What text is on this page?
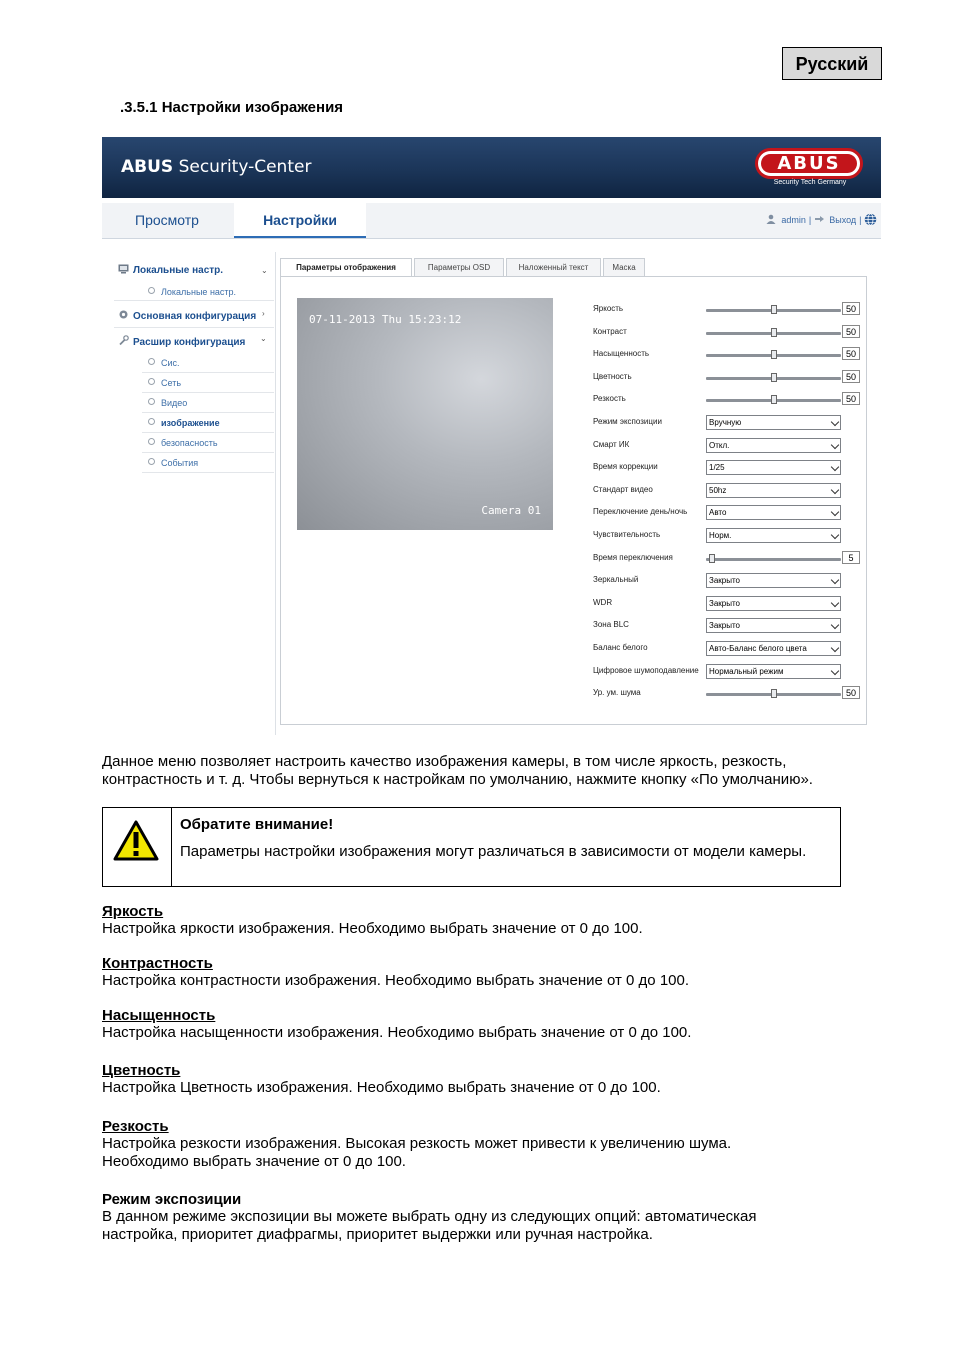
Русский
.3.5.1 Настройки изображения
ABUS Security-Center	ABUS
Security Tech Germany
Просмотр	Настройки	admin |  Выход |
Локальные настр.	⌄
Локальные настр.
Основная конфигурация ›
Расшир конфигурация ⌄
Сис.
Сеть
Видео
изображение
безопасность
События
Параметры отображения	Параметры OSD	Наложенный текст	Маска
07-11-2013 Thu 15:23:12
Camera 01
Яркость	50
Контраст	50
Насыщенность	50
Цветность	50
Резкость	50
Режим экспозиции	Вручную
Смарт ИК	Откл.
Время коррекции	1/25
Стандарт видео	50hz
Переключение день/ночь	Авто
Чувствительность	Норм.
Время переключения	5
Зеркальный	Закрыто
WDR	Закрыто
Зона BLC	Закрыто
Баланс белого	Авто-Баланс белого цвета
Цифровое шумоподавление	Нормальный режим
Ур. ум. шума	50
Данное меню позволяет настроить качество изображения камеры, в том числе яркость, резкость, контрастность и т. д. Чтобы вернуться к настройкам по умолчанию, нажмите кнопку «По умолчанию».
Обратите внимание!
Параметры настройки изображения могут различаться в зависимости от модели камеры.
Яркость
Настройка яркости изображения. Необходимо выбрать значение от 0 до 100.
Контрастность
Настройка контрастности изображения. Необходимо выбрать значение от 0 до 100.
Насыщенность
Настройка насыщенности изображения. Необходимо выбрать значение от 0 до 100.
Цветность
Настройка Цветность изображения. Необходимо выбрать значение от 0 до 100.
Резкость
Настройка резкости изображения. Высокая резкость может привести к увеличению шума. Необходимо выбрать значение от 0 до 100.
Режим экспозиции
В данном режиме экспозиции вы можете выбрать одну из следующих опций: автоматическая настройка, приоритет диафрагмы, приоритет выдержки или ручная настройка.
